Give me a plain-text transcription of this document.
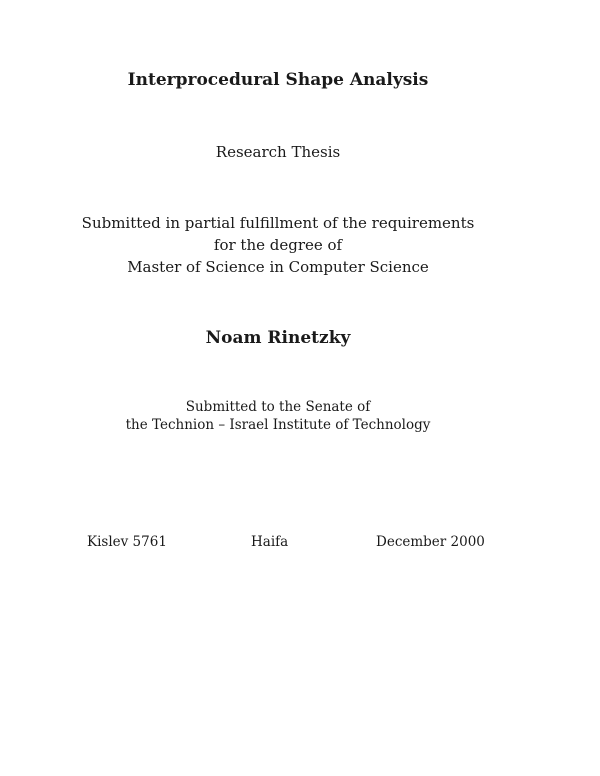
Interprocedural Shape Analysis
Research Thesis
Submitted in partial fulfillment of the requirements
for the degree of
Master of Science in Computer Science
Noam Rinetzky
Submitted to the Senate of
the Technion – Israel Institute of Technology
Kislev 5761	Haifa	December 2000
